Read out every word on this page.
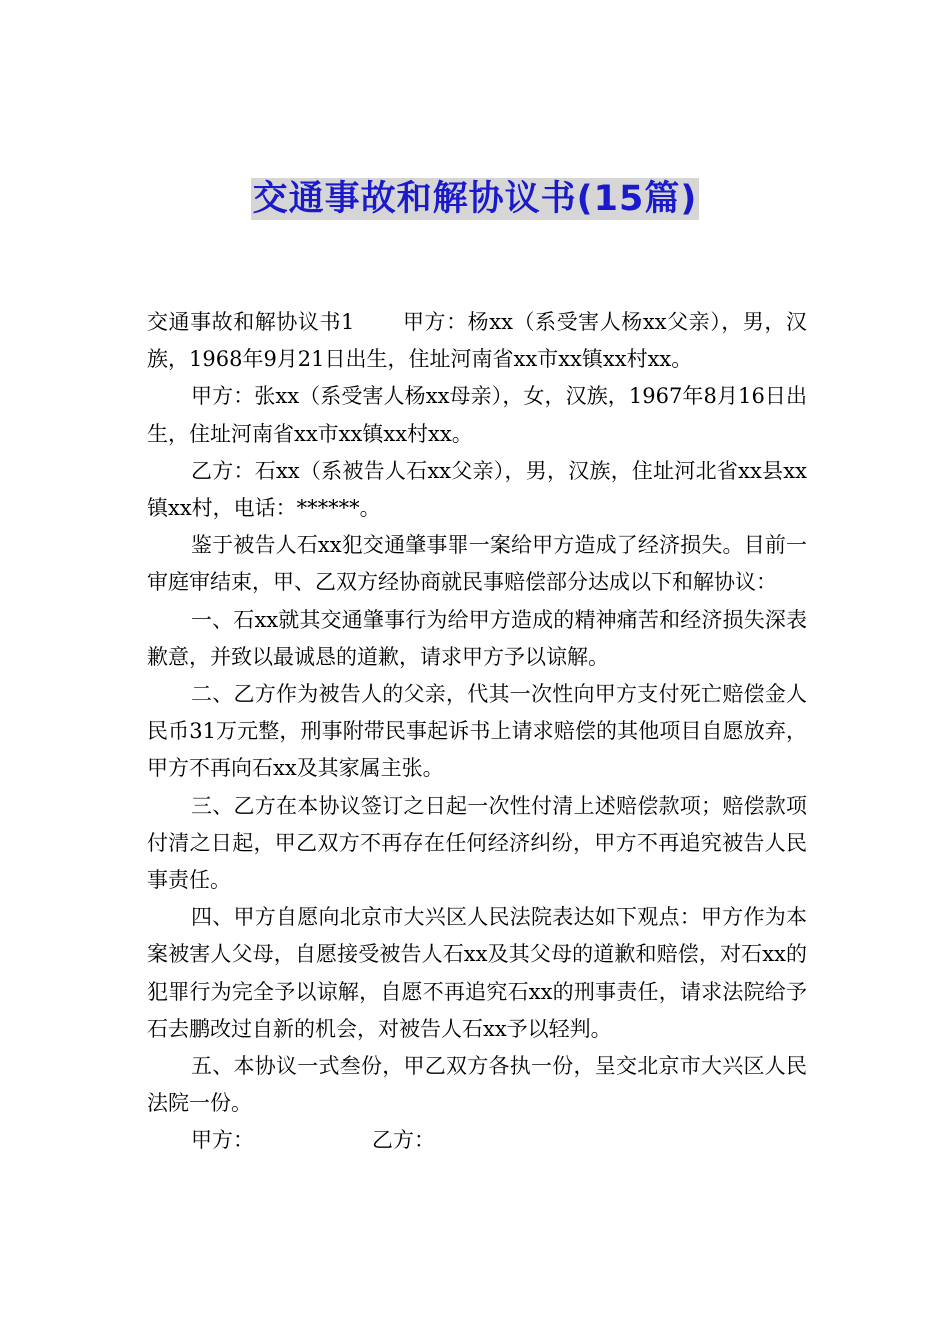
交通事故和解协议书(15篇)

交通事故和解协议书1 甲方：杨xx（系受害人杨xx父亲），男，汉族，1968年9月21日出生，住址河南省xx市xx镇xx村xx。

甲方：张xx（系受害人杨xx母亲），女，汉族，1967年8月16日出生，住址河南省xx市xx镇xx村xx。

乙方：石xx（系被告人石xx父亲），男，汉族，住址河北省xx县xx镇xx村，电话：******。

鉴于被告人石xx犯交通肇事罪一案给甲方造成了经济损失。目前一审庭审结束，甲、乙双方经协商就民事赔偿部分达成以下和解协议：

一、石xx就其交通肇事行为给甲方造成的精神痛苦和经济损失深表歉意，并致以最诚恳的道歉，请求甲方予以谅解。

二、乙方作为被告人的父亲，代其一次性向甲方支付死亡赔偿金人民币31万元整，刑事附带民事起诉书上请求赔偿的其他项目自愿放弃，甲方不再向石xx及其家属主张。

三、乙方在本协议签订之日起一次性付清上述赔偿款项；赔偿款项付清之日起，甲乙双方不再存在任何经济纠纷，甲方不再追究被告人民事责任。

四、甲方自愿向北京市大兴区人民法院表达如下观点：甲方作为本案被害人父母，自愿接受被告人石xx及其父母的道歉和赔偿，对石xx的犯罪行为完全予以谅解，自愿不再追究石xx的刑事责任，请求法院给予石去鹏改过自新的机会，对被告人石xx予以轻判。

五、本协议一式叁份，甲乙双方各执一份，呈交北京市大兴区人民法院一份。

甲方：	乙方：
